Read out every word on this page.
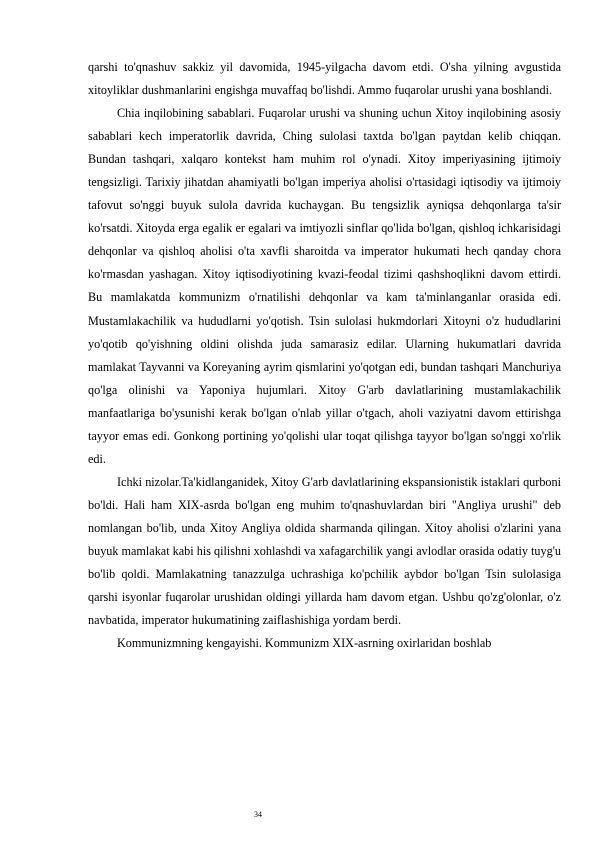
qarshi to'qnashuv sakkiz yil davomida, 1945-yilgacha davom etdi. O'sha yilning avgustida xitoyliklar dushmanlarini engishga muvaffaq bo'lishdi. Ammo fuqarolar urushi yana boshlandi.

Chia inqilobining sabablari. Fuqarolar urushi va shuning uchun Xitoy inqilobining asosiy sabablari kech imperatorlik davrida, Ching sulolasi taxtda bo'lgan paytdan kelib chiqqan. Bundan tashqari, xalqaro kontekst ham muhim rol o'ynadi. Xitoy imperiyasining ijtimoiy tengsizligi. Tarixiy jihatdan ahamiyatli bo'lgan imperiya aholisi o'rtasidagi iqtisodiy va ijtimoiy tafovut so'nggi buyuk sulola davrida kuchaygan. Bu tengsizlik ayniqsa dehqonlarga ta'sir ko'rsatdi. Xitoyda erga egalik er egalari va imtiyozli sinflar qo'lida bo'lgan, qishloq ichkarisidagi dehqonlar va qishloq aholisi o'ta xavfli sharoitda va imperator hukumati hech qanday chora ko'rmasdan yashagan. Xitoy iqtisodiyotining kvazi-feodal tizimi qashshoqlikni davom ettirdi. Bu mamlakatda kommunizm o'rnatilishi dehqonlar va kam ta'minlanganlar orasida edi. Mustamlakachilik va hududlarni yo'qotish. Tsin sulolasi hukmdorlari Xitoyni o'z hududlarini yo'qotib qo'yishning oldini olishda juda samarasiz edilar. Ularning hukumatlari davrida mamlakat Tayvanni va Koreyaning ayrim qismlarini yo'qotgan edi, bundan tashqari Manchuriya qo'lga olinishi va Yaponiya hujumlari. Xitoy G'arb davlatlarining mustamlakachilik manfaatlariga bo'ysunishi kerak bo'lgan o'nlab yillar o'tgach, aholi vaziyatni davom ettirishga tayyor emas edi. Gonkong portining yo'qolishi ular toqat qilishga tayyor bo'lgan so'nggi xo'rlik edi.

Ichki nizolar.Ta'kidlanganidek, Xitoy G'arb davlatlarining ekspansionistik istaklari qurboni bo'ldi. Hali ham XIX-asrda bo'lgan eng muhim to'qnashuvlardan biri "Angliya urushi" deb nomlangan bo'lib, unda Xitoy Angliya oldida sharmanda qilingan. Xitoy aholisi o'zlarini yana buyuk mamlakat kabi his qilishni xohlashdi va xafagarchilik yangi avlodlar orasida odatiy tuyg'u bo'lib qoldi. Mamlakatning tanazzulga uchrashiga ko'pchilik aybdor bo'lgan Tsin sulolasiga qarshi isyonlar fuqarolar urushidan oldingi yillarda ham davom etgan. Ushbu qo'zg'olonlar, o'z navbatida, imperator hukumatining zaiflashishiga yordam berdi.

Kommunizmning kengayishi. Kommunizm XIX-asrning oxirlaridan boshlab

34
